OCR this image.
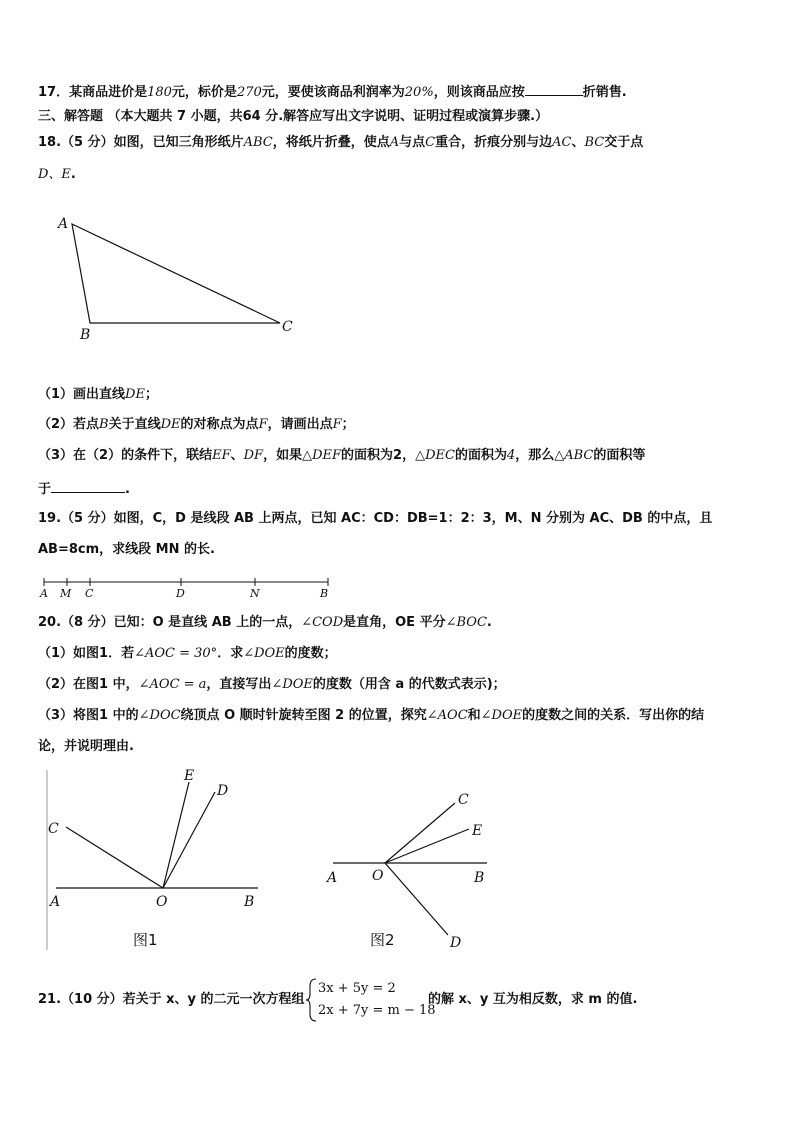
17．某商品进价是180元，标价是270元，要使该商品利润率为20%，则该商品应按	折销售.
三、解答题 （本大题共 7 小题，共64 分.解答应写出文字说明、证明过程或演算步骤.）
18.（5 分）如图，已知三角形纸片ABC，将纸片折叠，使点A与点C重合，折痕分别与边AC、BC交于点
D、E.
A
B	C
（1）画出直线DE；
（2）若点B关于直线DE的对称点为点F，请画出点F；
（3）在（2）的条件下，联结EF、DF，如果△DEF的面积为2，△DEC的面积为4，那么△ABC的面积等
于	.
19.（5 分）如图，C，D 是线段 AB 上两点，已知 AC：CD：DB=1：2：3，M、N 分别为 AC、DB 的中点，且
AB=8cm，求线段 MN 的长.
A M C	D	N	B
20.（8 分）已知：O 是直线 AB 上的一点，∠COD是直角，OE 平分∠BOC.
（1）如图1．若∠AOC = 30°．求∠DOE的度数；
（2）在图1 中，∠AOC = a，直接写出∠DOE的度数（用含 a 的代数式表示)；
（3）将图1 中的∠DOC绕顶点 O 顺时针旋转至图 2 的位置，探究∠AOC和∠DOE的度数之间的关系．写出你的结
论，并说明理由.
A	B
C
D
E
O
图1
A	B
C
D
E
O
图2
21.（10 分）若关于 x、y 的二元一次方程组
3x + 5y = 2
2x + 7y = m − 18
的解 x、y 互为相反数，求 m 的值.
